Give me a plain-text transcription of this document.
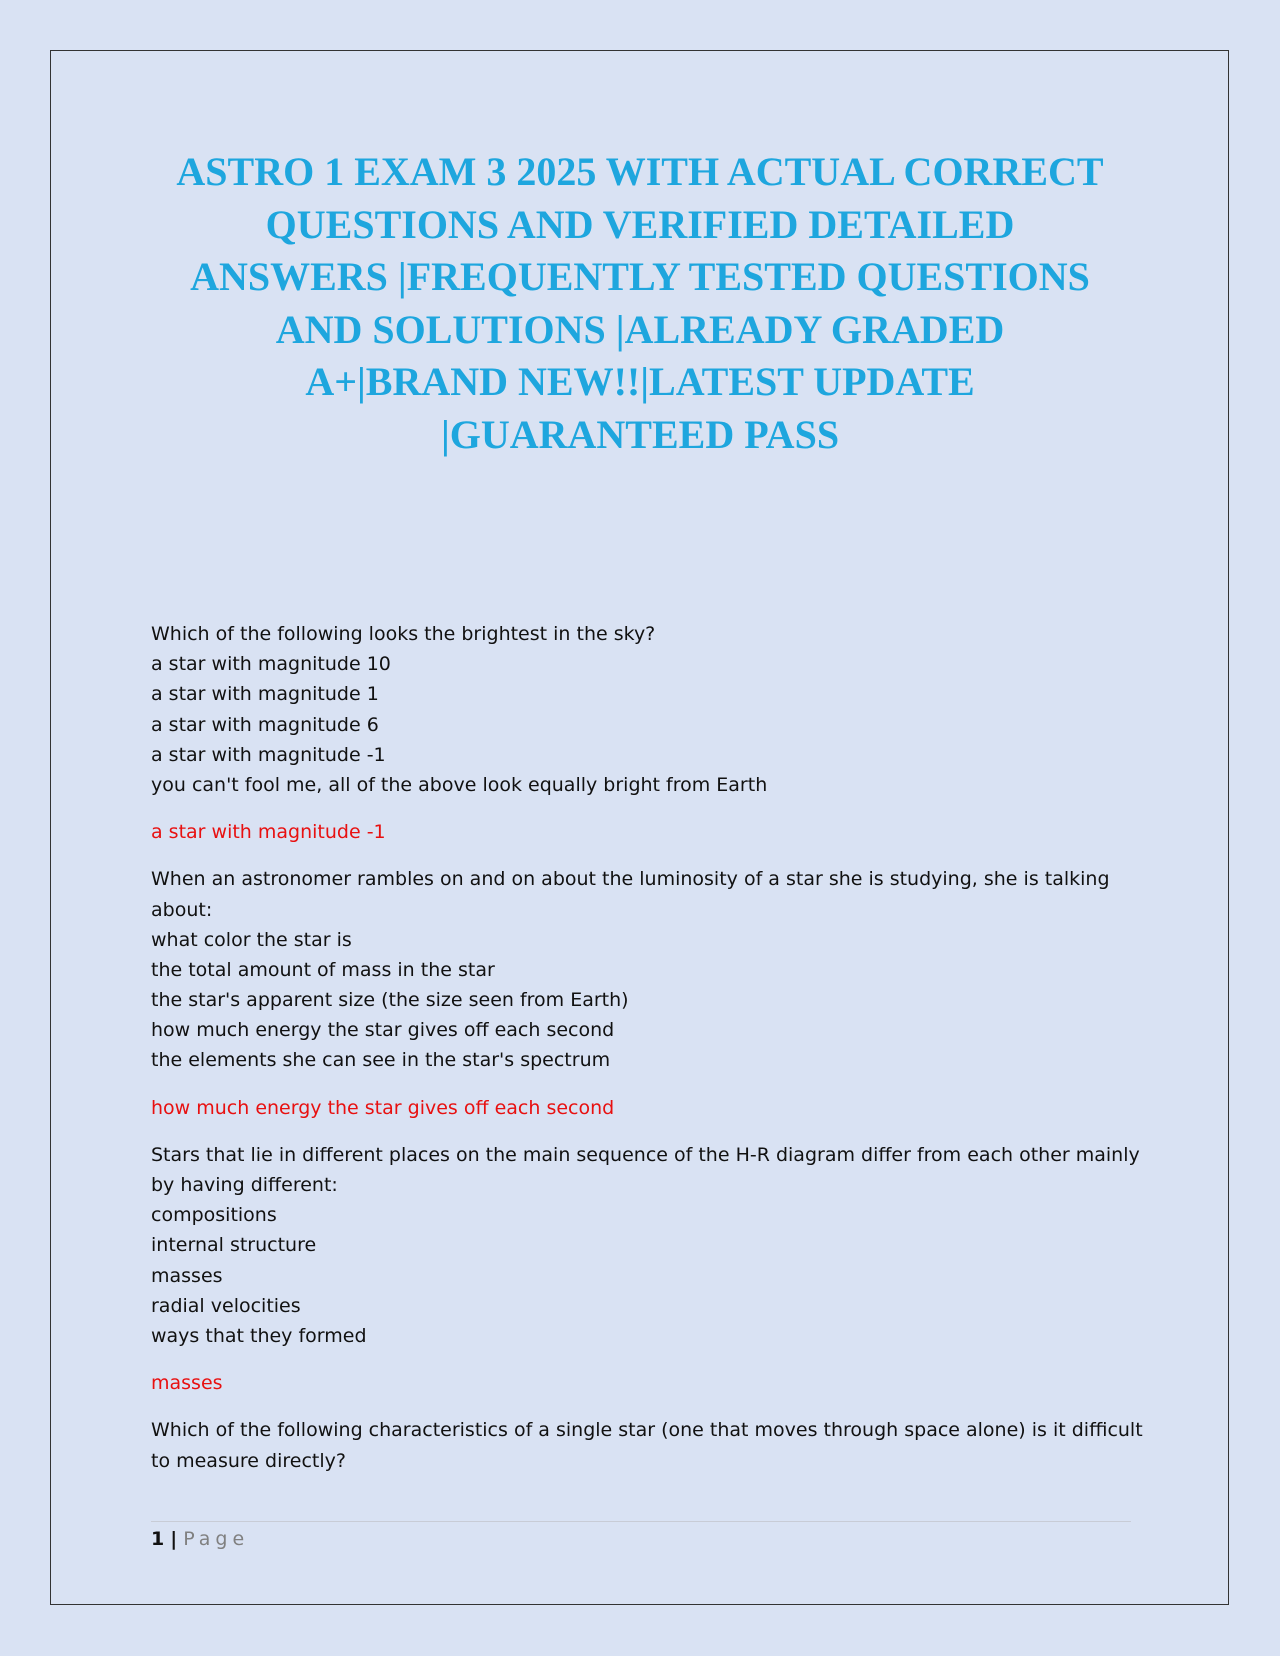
ASTRO 1 EXAM 3 2025 WITH ACTUAL CORRECT
QUESTIONS AND VERIFIED DETAILED
ANSWERS |FREQUENTLY TESTED QUESTIONS
AND SOLUTIONS |ALREADY GRADED
A+|BRAND NEW!!|LATEST UPDATE
|GUARANTEED PASS
Which of the following looks the brightest in the sky?
a star with magnitude 10
a star with magnitude 1
a star with magnitude 6
a star with magnitude -1
you can't fool me, all of the above look equally bright from Earth
a star with magnitude -1
When an astronomer rambles on and on about the luminosity of a star she is studying, she is talking
about:
what color the star is
the total amount of mass in the star
the star's apparent size (the size seen from Earth)
how much energy the star gives off each second
the elements she can see in the star's spectrum
how much energy the star gives off each second
Stars that lie in different places on the main sequence of the H-R diagram differ from each other mainly
by having different:
compositions
internal structure
masses
radial velocities
ways that they formed
masses
Which of the following characteristics of a single star (one that moves through space alone) is it difficult
to measure directly?
1 | Page
